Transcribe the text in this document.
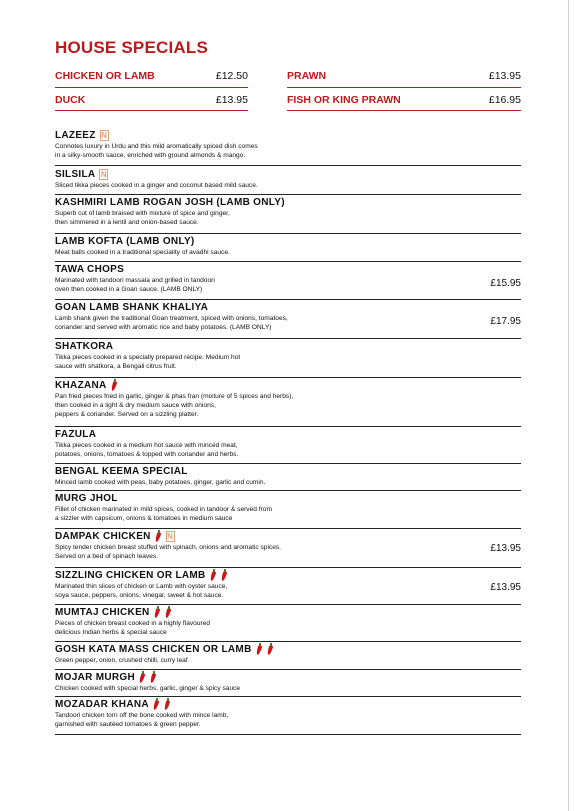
HOUSE SPECIALS
CHICKEN OR LAMB	£12.50	PRAWN	£13.95
DUCK	£13.95	FISH OR KING PRAWN	£16.95
LAZEEZ N
Connotes luxury in Urdu and this mild aromatically spiced dish comes
in a silky-smooth sauce, enriched with ground almonds & mango.
SILSILA N
Sliced tikka pieces cooked in a ginger and coconut based mild sauce.
KASHMIRI LAMB ROGAN JOSH (LAMB ONLY)
Superb cut of lamb braised with mixture of spice and ginger,
then simmered in a lentil and onion-based sauce.
LAMB KOFTA (LAMB ONLY)
Meat balls cooked in a traditional speciality of avadhi sauce.
TAWA CHOPS
Marinated with tandoori massala and grilled in tandoori
oven then cooked in a Goan sauce. (LAMB ONLY)
£15.95
GOAN LAMB SHANK KHALIYA
Lamb shank given the traditional Goan treatment, spiced with onions, tomatoes,
coriander and served with aromatic rice and baby potatoes. (LAMB ONLY)
£17.95
SHATKORA
Tikka pieces cooked in a specially prepared recipe. Medium hot
sauce with shatkora, a Bengali citrus fruit.
KHAZANA
Pan fried pieces fried in garlic, ginger & phas fran (mixture of 5 spices and herbs),
then cooked in a light & dry medium sauce with onions,
peppers & coriander. Served on a sizzling platter.
FAZULA
Tikka pieces cooked in a medium hot sauce with minced meat,
potatoes, onions, tomatoes & topped with coriander and herbs.
BENGAL KEEMA SPECIAL
Minced lamb cooked with peas, baby potatoes, ginger, garlic and cumin.
MURG JHOL
Fillet of chicken marinated in mild spices, cooked in tandoor & served from
a sizzler with capsicum, onions & tomatoes in medium sauce
DAMPAK CHICKEN N
Spicy tender chicken breast stuffed with spinach, onions and aromatic spices.
Served on a bed of spinach leaves.
£13.95
SIZZLING CHICKEN OR LAMB
Marinated thin slices of chicken or Lamb with oyster sauce,
soya sauce, peppers, onions, vinegar, sweet & hot sauce.
£13.95
MUMTAJ CHICKEN
Pieces of chicken breast cooked in a highly flavoured
delicious Indian herbs & special sauce
GOSH KATA MASS CHICKEN OR LAMB
Green pepper, onion, crushed chilli, curry leaf
MOJAR MURGH
Chicken cooked with special herbs, garlic, ginger & spicy sauce
MOZADAR KHANA
Tandoori chicken torn off the bone cooked with mince lamb,
garnished with sautéed tomatoes & green pepper.
